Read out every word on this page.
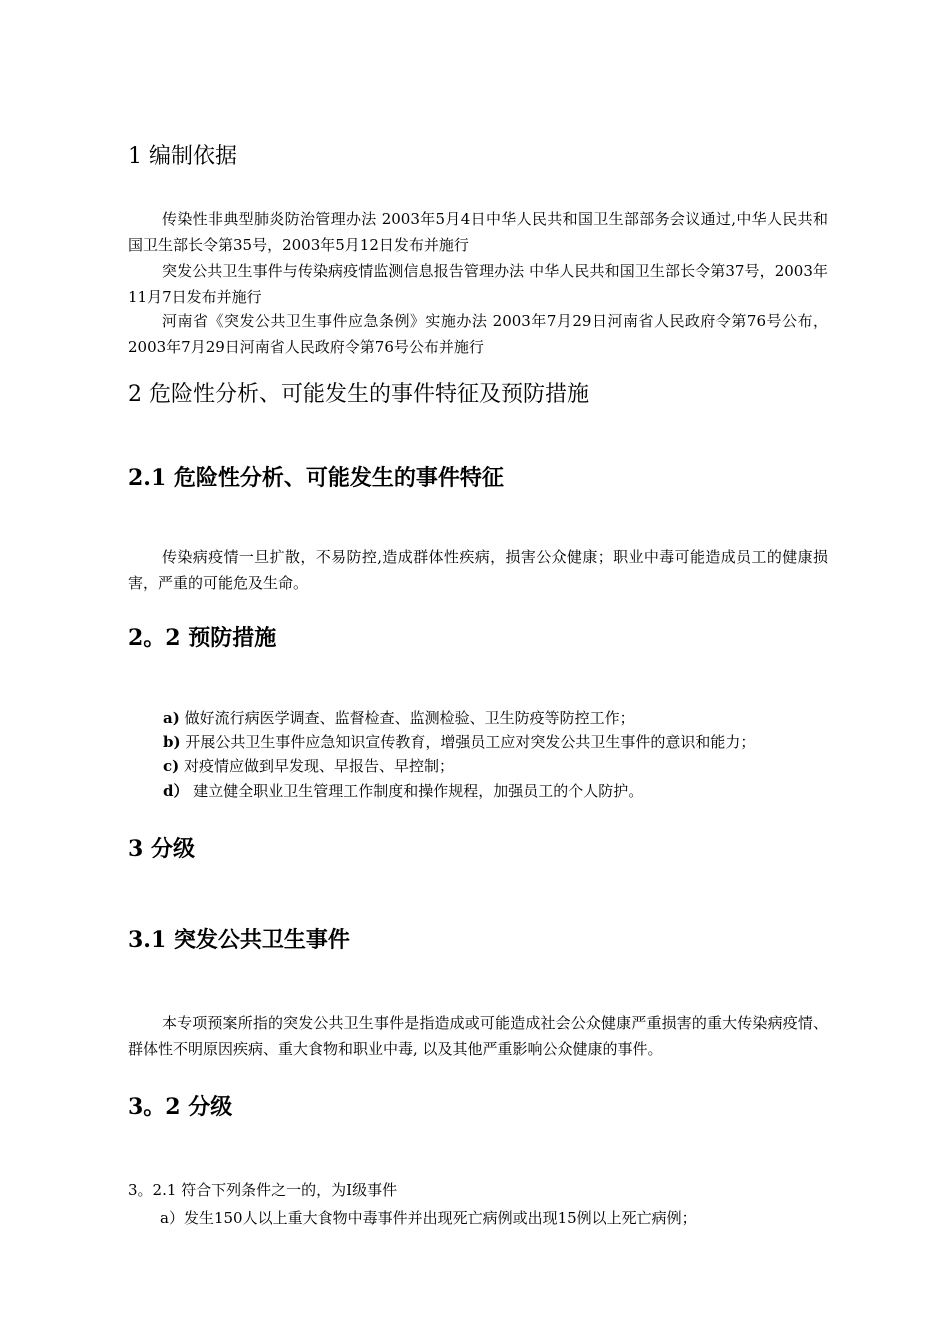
1 编制依据
传染性非典型肺炎防治管理办法 2003年5月4日中华人民共和国卫生部部务会议通过,中华人民共和国卫生部长令第35号，2003年5月12日发布并施行
突发公共卫生事件与传染病疫情监测信息报告管理办法 中华人民共和国卫生部长令第37号，2003年11月7日发布并施行
河南省《突发公共卫生事件应急条例》实施办法 2003年7月29日河南省人民政府令第76号公布，2003年7月29日河南省人民政府令第76号公布并施行
2 危险性分析、可能发生的事件特征及预防措施
2.1 危险性分析、可能发生的事件特征
传染病疫情一旦扩散，不易防控,造成群体性疾病，损害公众健康；职业中毒可能造成员工的健康损害，严重的可能危及生命。
2。2 预防措施
a) 做好流行病医学调查、监督检查、监测检验、卫生防疫等防控工作；
b) 开展公共卫生事件应急知识宣传教育，增强员工应对突发公共卫生事件的意识和能力；
c) 对疫情应做到早发现、早报告、早控制；
d） 建立健全职业卫生管理工作制度和操作规程，加强员工的个人防护。
3 分级
3.1 突发公共卫生事件
本专项预案所指的突发公共卫生事件是指造成或可能造成社会公众健康严重损害的重大传染病疫情、群体性不明原因疾病、重大食物和职业中毒, 以及其他严重影响公众健康的事件。
3。2 分级
3。2.1 符合下列条件之一的，为Ⅰ级事件
a）发生150人以上重大食物中毒事件并出现死亡病例或出现15例以上死亡病例；
